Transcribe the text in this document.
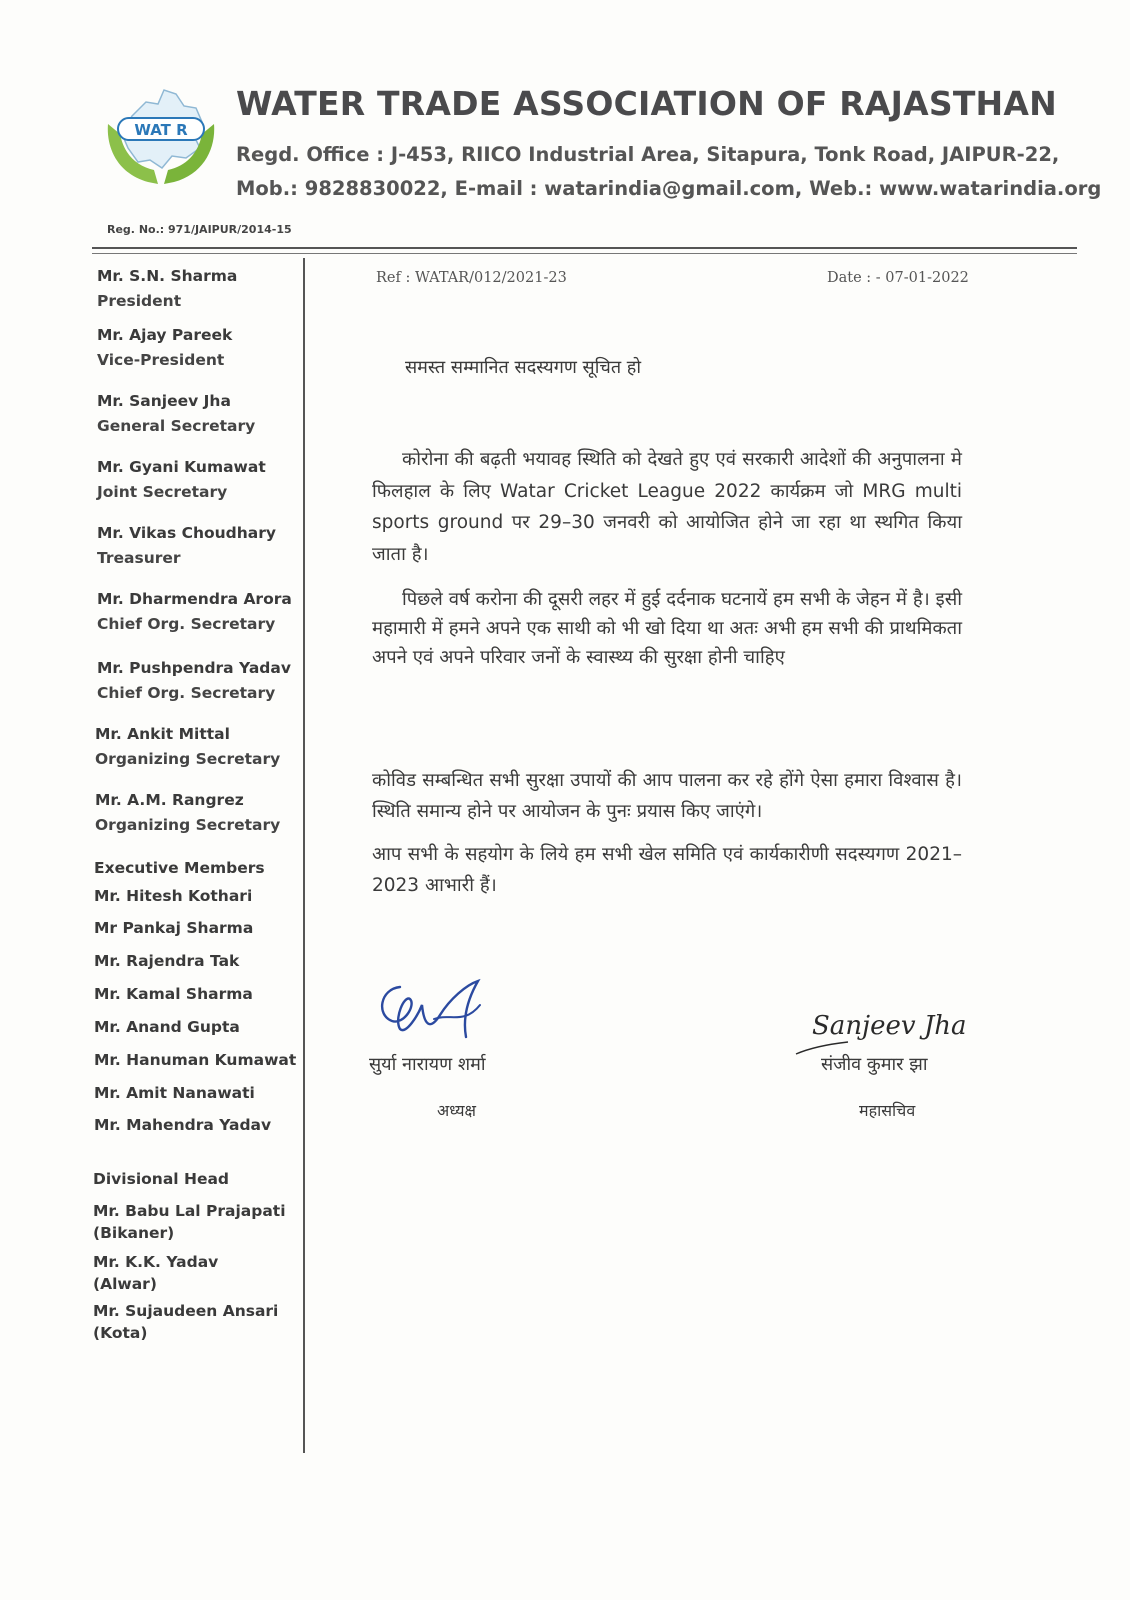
WAT R
WATER TRADE ASSOCIATION OF RAJASTHAN
Regd. Office : J-453, RIICO Industrial Area, Sitapura, Tonk Road, JAIPUR-22,
Mob.: 9828830022, E-mail : watarindia@gmail.com, Web.: www.watarindia.org
Reg. No.: 971/JAIPUR/2014-15
Mr. S.N. Sharma
President
Mr. Ajay Pareek
Vice-President
Mr. Sanjeev Jha
General Secretary
Mr. Gyani Kumawat
Joint Secretary
Mr. Vikas Choudhary
Treasurer
Mr. Dharmendra Arora
Chief Org. Secretary
Mr. Pushpendra Yadav
Chief Org. Secretary
Mr. Ankit Mittal
Organizing Secretary
Mr. A.M. Rangrez
Organizing Secretary
Executive Members
Mr. Hitesh Kothari
Mr Pankaj Sharma
Mr. Rajendra Tak
Mr. Kamal Sharma
Mr. Anand Gupta
Mr. Hanuman Kumawat
Mr. Amit Nanawati
Mr. Mahendra Yadav
Divisional Head
Mr. Babu Lal Prajapati
(Bikaner)
Mr. K.K. Yadav
(Alwar)
Mr. Sujaudeen Ansari
(Kota)
Ref : WATAR/012/2021-23	Date : - 07-01-2022
समस्त सम्मानित सदस्यगण सूचित हो
कोरोना की बढ़ती भयावह स्थिति को देखते हुए एवं सरकारी आदेशों की अनुपालना मे फिलहाल के लिए Watar Cricket League 2022 कार्यक्रम जो MRG multi sports ground पर 29–30 जनवरी को आयोजित होने जा रहा था स्थगित किया जाता है।
पिछले वर्ष करोना की दूसरी लहर में हुई दर्दनाक घटनायें हम सभी के जेहन में है। इसी महामारी में हमने अपने एक साथी को भी खो दिया था अतः अभी हम सभी की प्राथमिकता अपने एवं अपने परिवार जनों के स्वास्थ्य की सुरक्षा होनी चाहिए
कोविड सम्बन्धित सभी सुरक्षा उपायों की आप पालना कर रहे होंगे ऐसा हमारा विश्वास है। स्थिति समान्य होने पर आयोजन के पुनः प्रयास किए जाएंगे।
आप सभी के सहयोग के लिये हम सभी खेल समिति एवं कार्यकारीणी सदस्यगण 2021–2023 आभारी हैं।
Sanjeev Jha
सुर्या नारायण शर्मा	संजीव कुमार झा
अध्यक्ष	महासचिव
